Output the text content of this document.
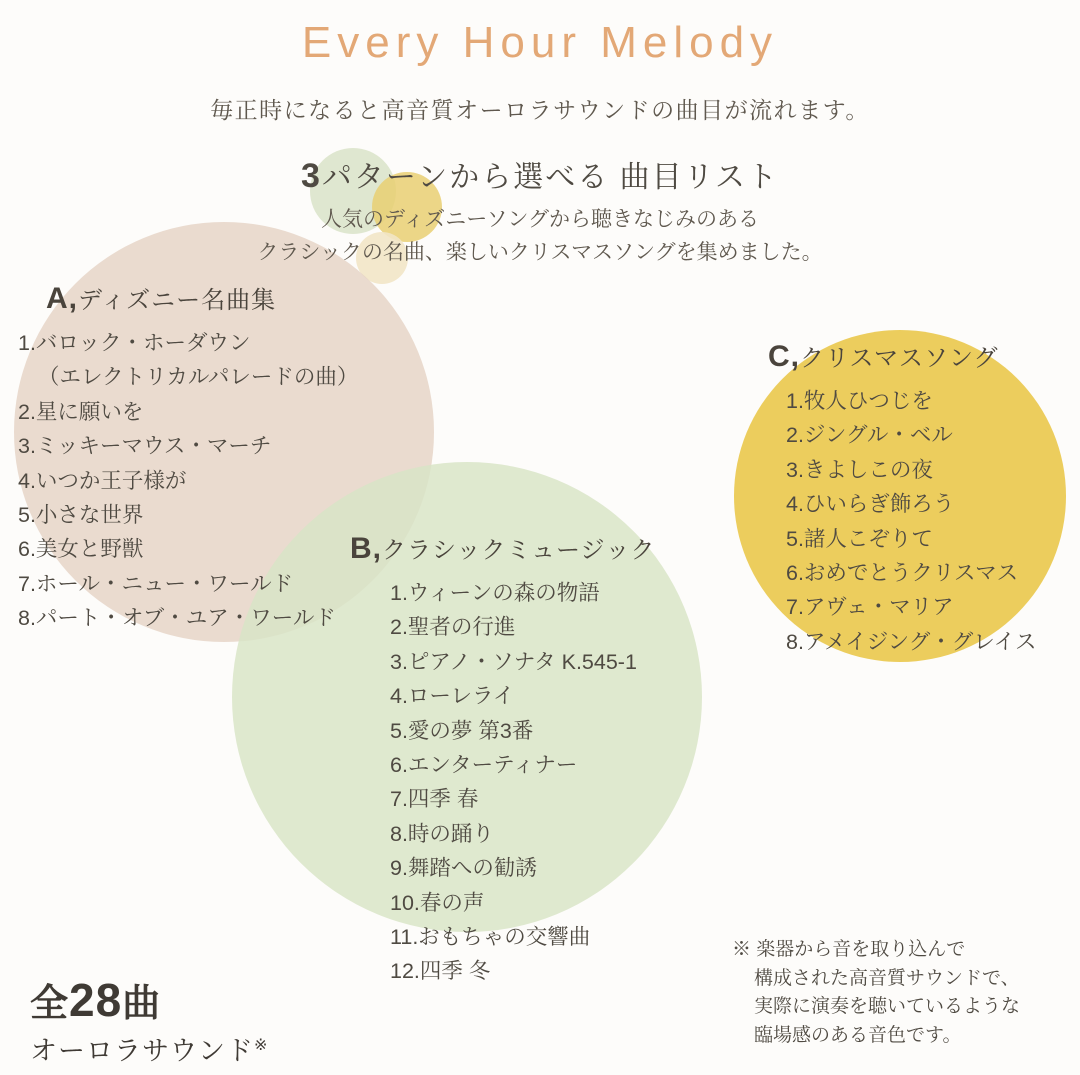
Every Hour Melody
毎正時になると高音質オーロラサウンドの曲目が流れます。
3パターンから選べる 曲目リスト
人気のディズニーソングから聴きなじみのある
クラシックの名曲、楽しいクリスマスソングを集めました。
A,ディズニー名曲集
1.バロック・ホーダウン
（エレクトリカルパレードの曲）
2.星に願いを
3.ミッキーマウス・マーチ
4.いつか王子様が
5.小さな世界
6.美女と野獣
7.ホール・ニュー・ワールド
8.パート・オブ・ユア・ワールド
B,クラシックミュージック
1.ウィーンの森の物語
2.聖者の行進
3.ピアノ・ソナタ K.545-1
4.ローレライ
5.愛の夢 第3番
6.エンターティナー
7.四季 春
8.時の踊り
9.舞踏への勧誘
10.春の声
11.おもちゃの交響曲
12.四季 冬
C,クリスマスソング
1.牧人ひつじを
2.ジングル・ベル
3.きよしこの夜
4.ひいらぎ飾ろう
5.諸人こぞりて
6.おめでとうクリスマス
7.アヴェ・マリア
8.アメイジング・グレイス
全28曲
オーロラサウンド※
※ 楽器から音を取り込んで
構成された高音質サウンドで、
実際に演奏を聴いているような
臨場感のある音色です。
